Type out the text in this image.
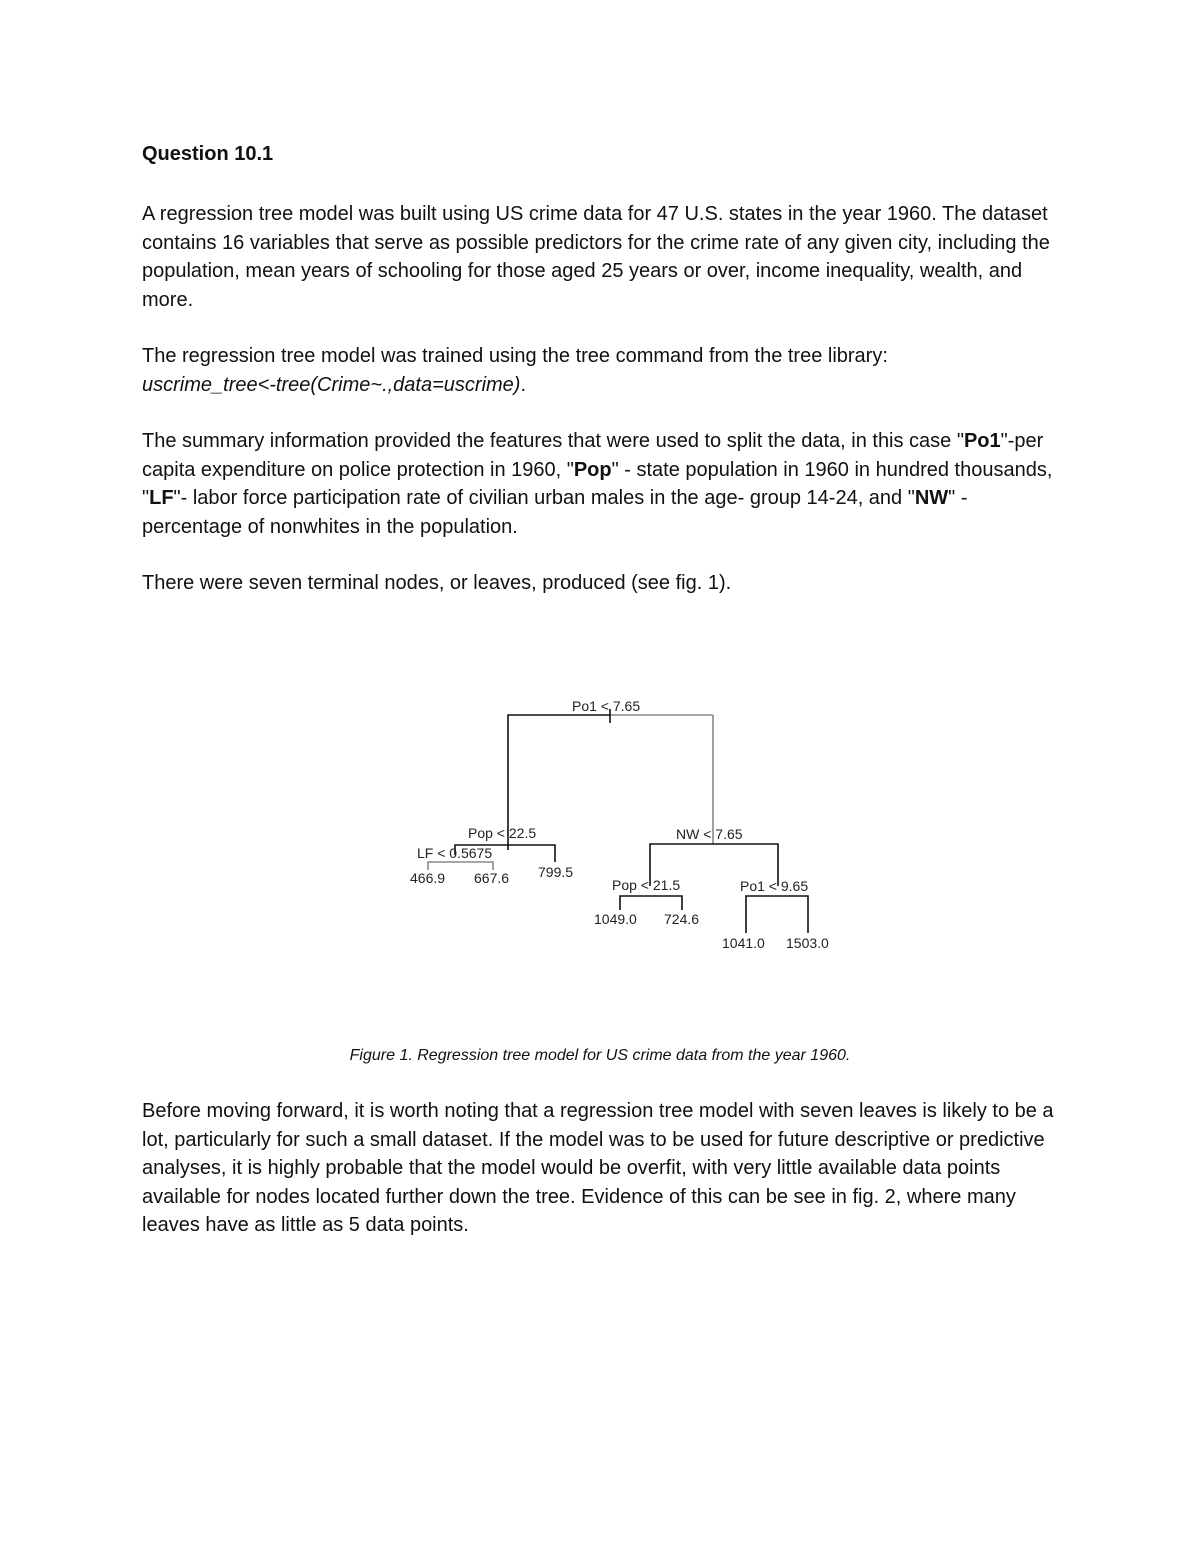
Question 10.1

A regression tree model was built using US crime data for 47 U.S. states in the year 1960. The dataset contains 16 variables that serve as possible predictors for the crime rate of any given city, including the population, mean years of schooling for those aged 25 years or over, income inequality, wealth, and more.

The regression tree model was trained using the tree command from the tree library:
uscrime_tree<-tree(Crime~.,data=uscrime).

The summary information provided the features that were used to split the data, in this case "Po1"-per capita expenditure on police protection in 1960, "Pop" - state population in 1960 in hundred thousands, "LF"- labor force participation rate of civilian urban males in the age- group 14-24, and "NW" - percentage of nonwhites in the population.

There were seven terminal nodes, or leaves, produced (see fig. 1).

Po1 < 7.65
Pop < 22.5
LF < 0.5675
NW < 7.65
Pop < 21.5	Po1 < 9.65
466.9 667.6 799.5
1049.0 724.6
1041.0 1503.0
Figure 1. Regression tree model for US crime data from the year 1960.

Before moving forward, it is worth noting that a regression tree model with seven leaves is likely to be a lot, particularly for such a small dataset. If the model was to be used for future descriptive or predictive analyses, it is highly probable that the model would be overfit, with very little available data points available for nodes located further down the tree. Evidence of this can be see in fig. 2, where many leaves have as little as 5 data points.
